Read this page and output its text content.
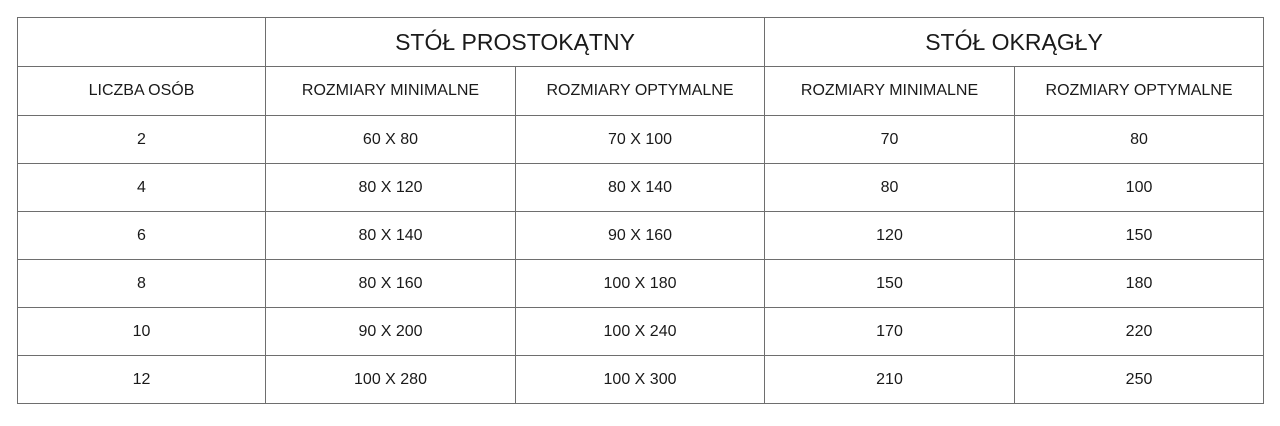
	STÓŁ PROSTOKĄTNY		STÓŁ OKRĄGŁY	
LICZBA OSÓB	ROZMIARY MINIMALNE	ROZMIARY OPTYMALNE	ROZMIARY MINIMALNE	ROZMIARY OPTYMALNE
2	60 X 80	70 X 100	70	80
4	80 X 120	80 X 140	80	100
6	80 X 140	90 X 160	120	150
8	80 X 160	100 X 180	150	180
10	90 X 200	100 X 240	170	220
12	100 X 280	100 X 300	210	250
